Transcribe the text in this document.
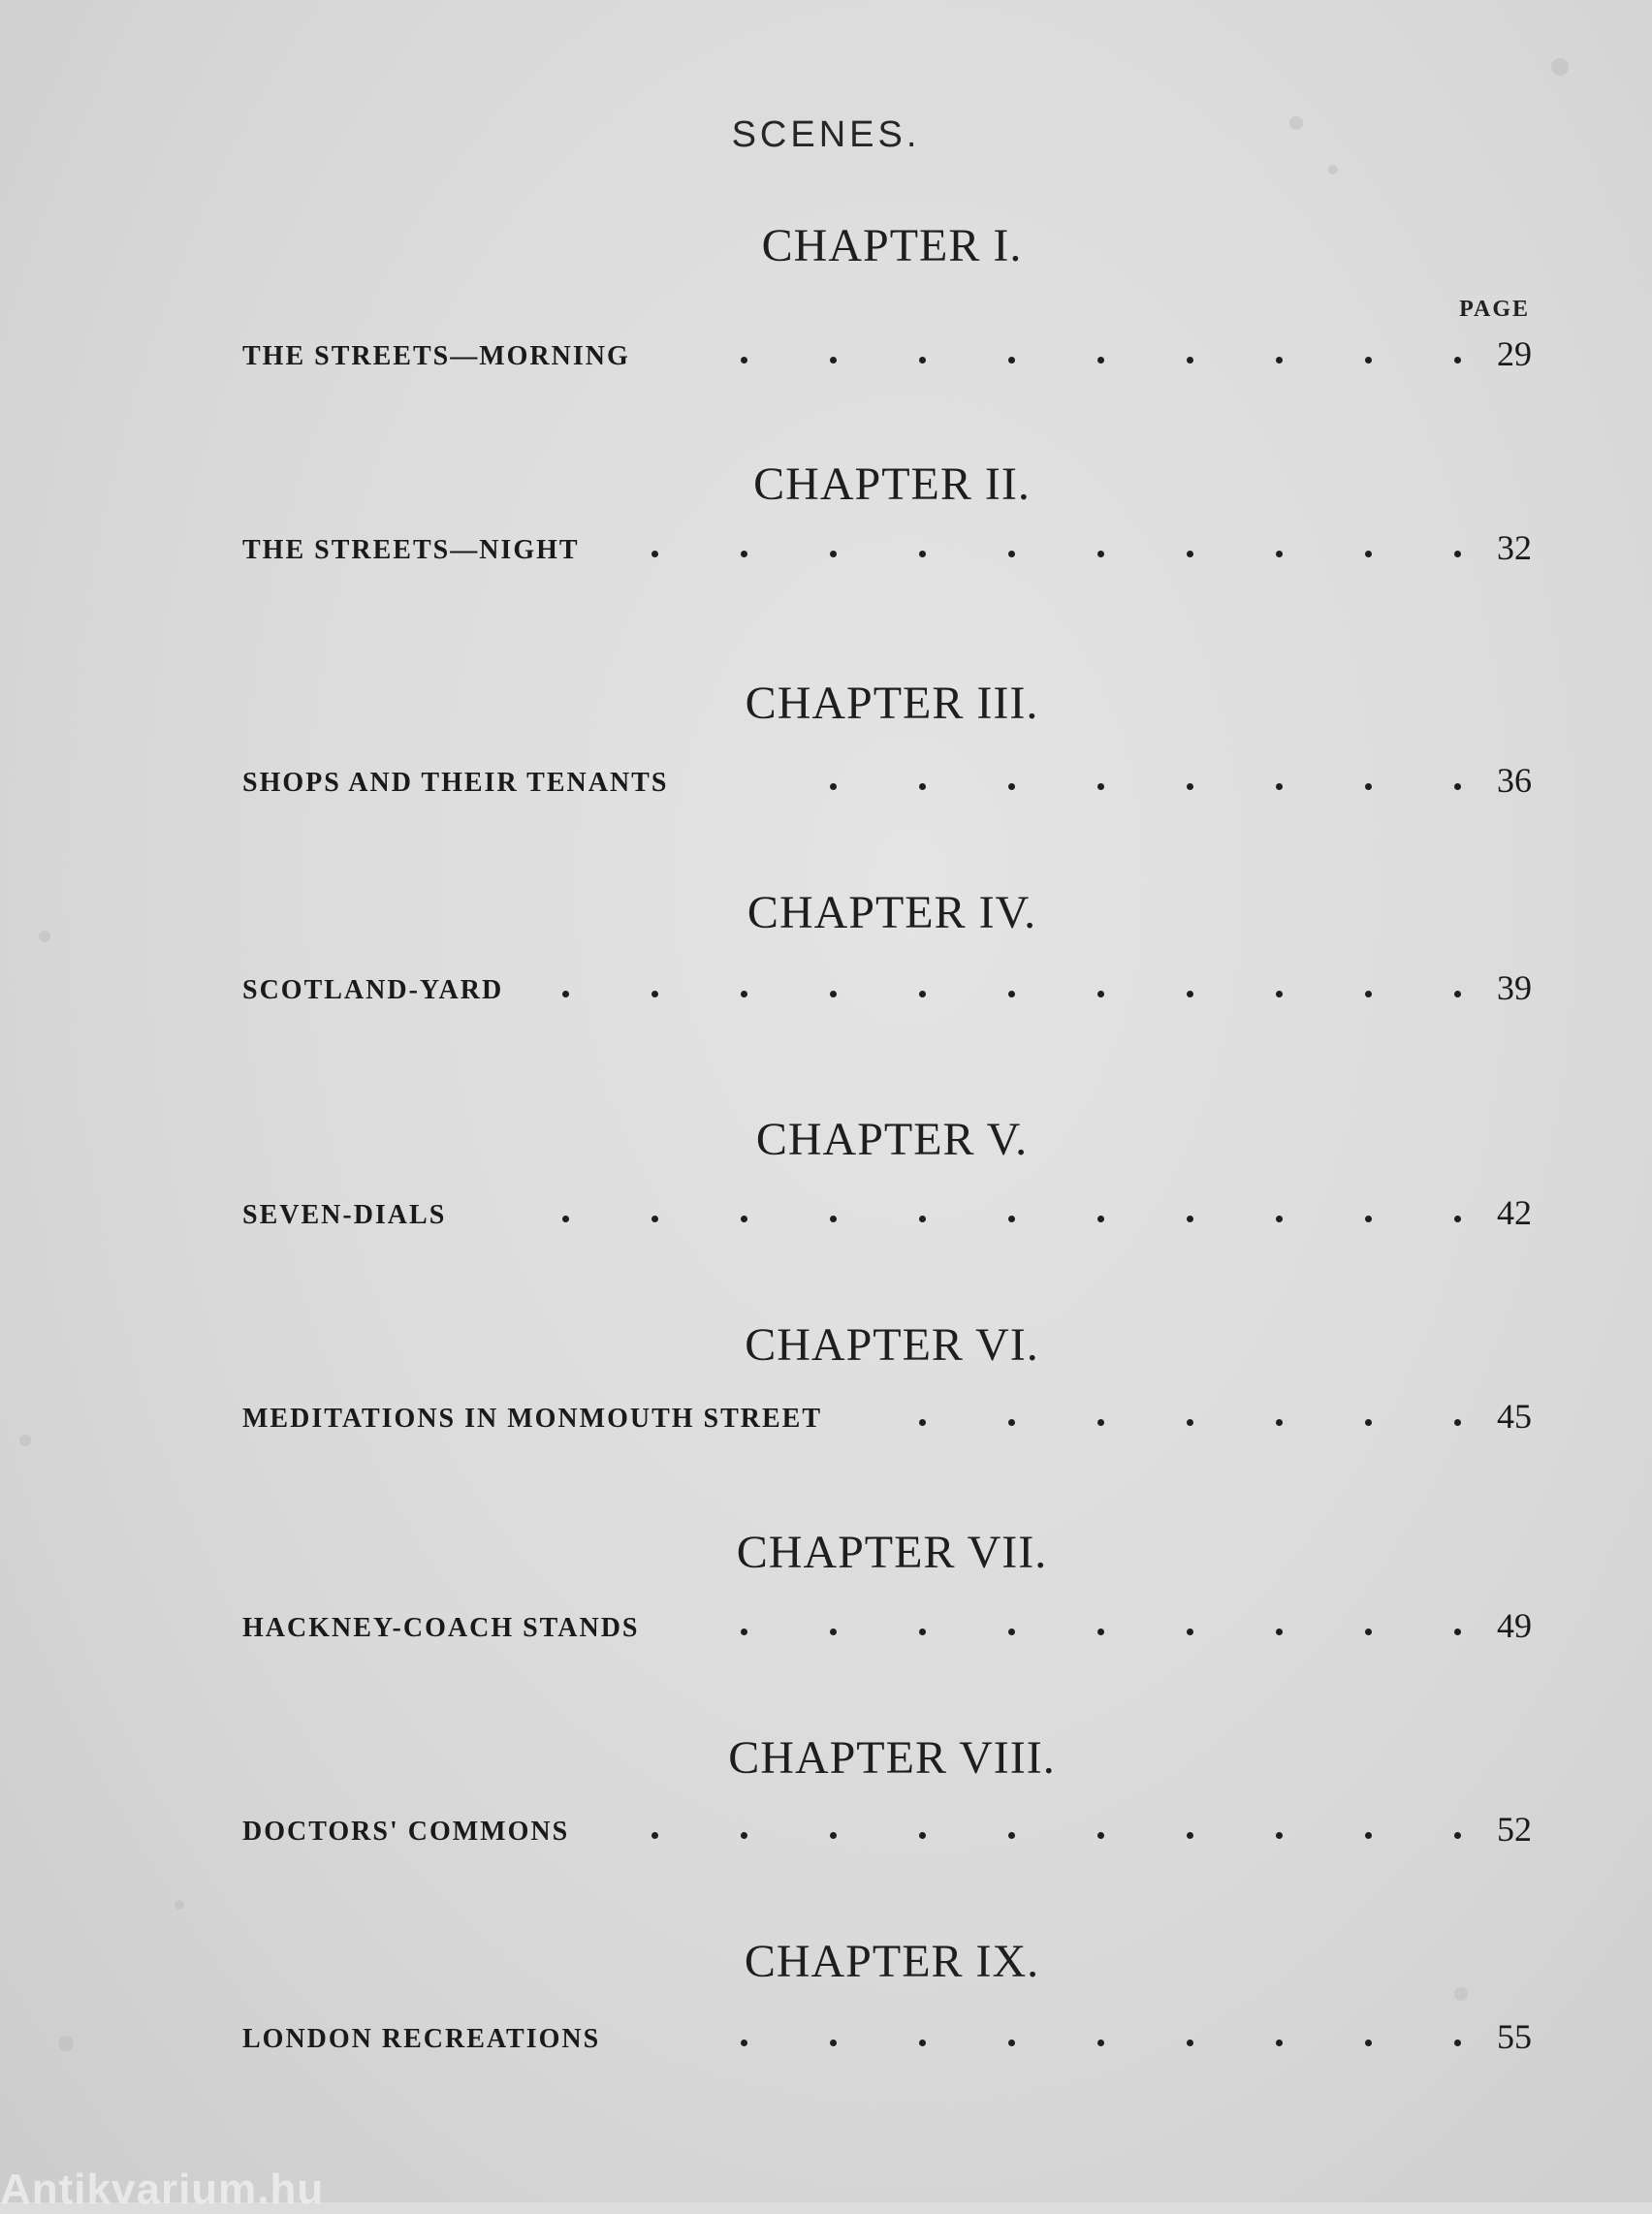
SCENES.
PAGE
CHAPTER I.
THE STREETS—MORNING	29
CHAPTER II.
THE STREETS—NIGHT	32
CHAPTER III.
SHOPS AND THEIR TENANTS	36
CHAPTER IV.
SCOTLAND-YARD	39
CHAPTER V.
SEVEN-DIALS	42
CHAPTER VI.
MEDITATIONS IN MONMOUTH STREET	45
CHAPTER VII.
HACKNEY-COACH STANDS	49
CHAPTER VIII.
DOCTORS' COMMONS	52
CHAPTER IX.
LONDON RECREATIONS	55
Antikvarium.hu
